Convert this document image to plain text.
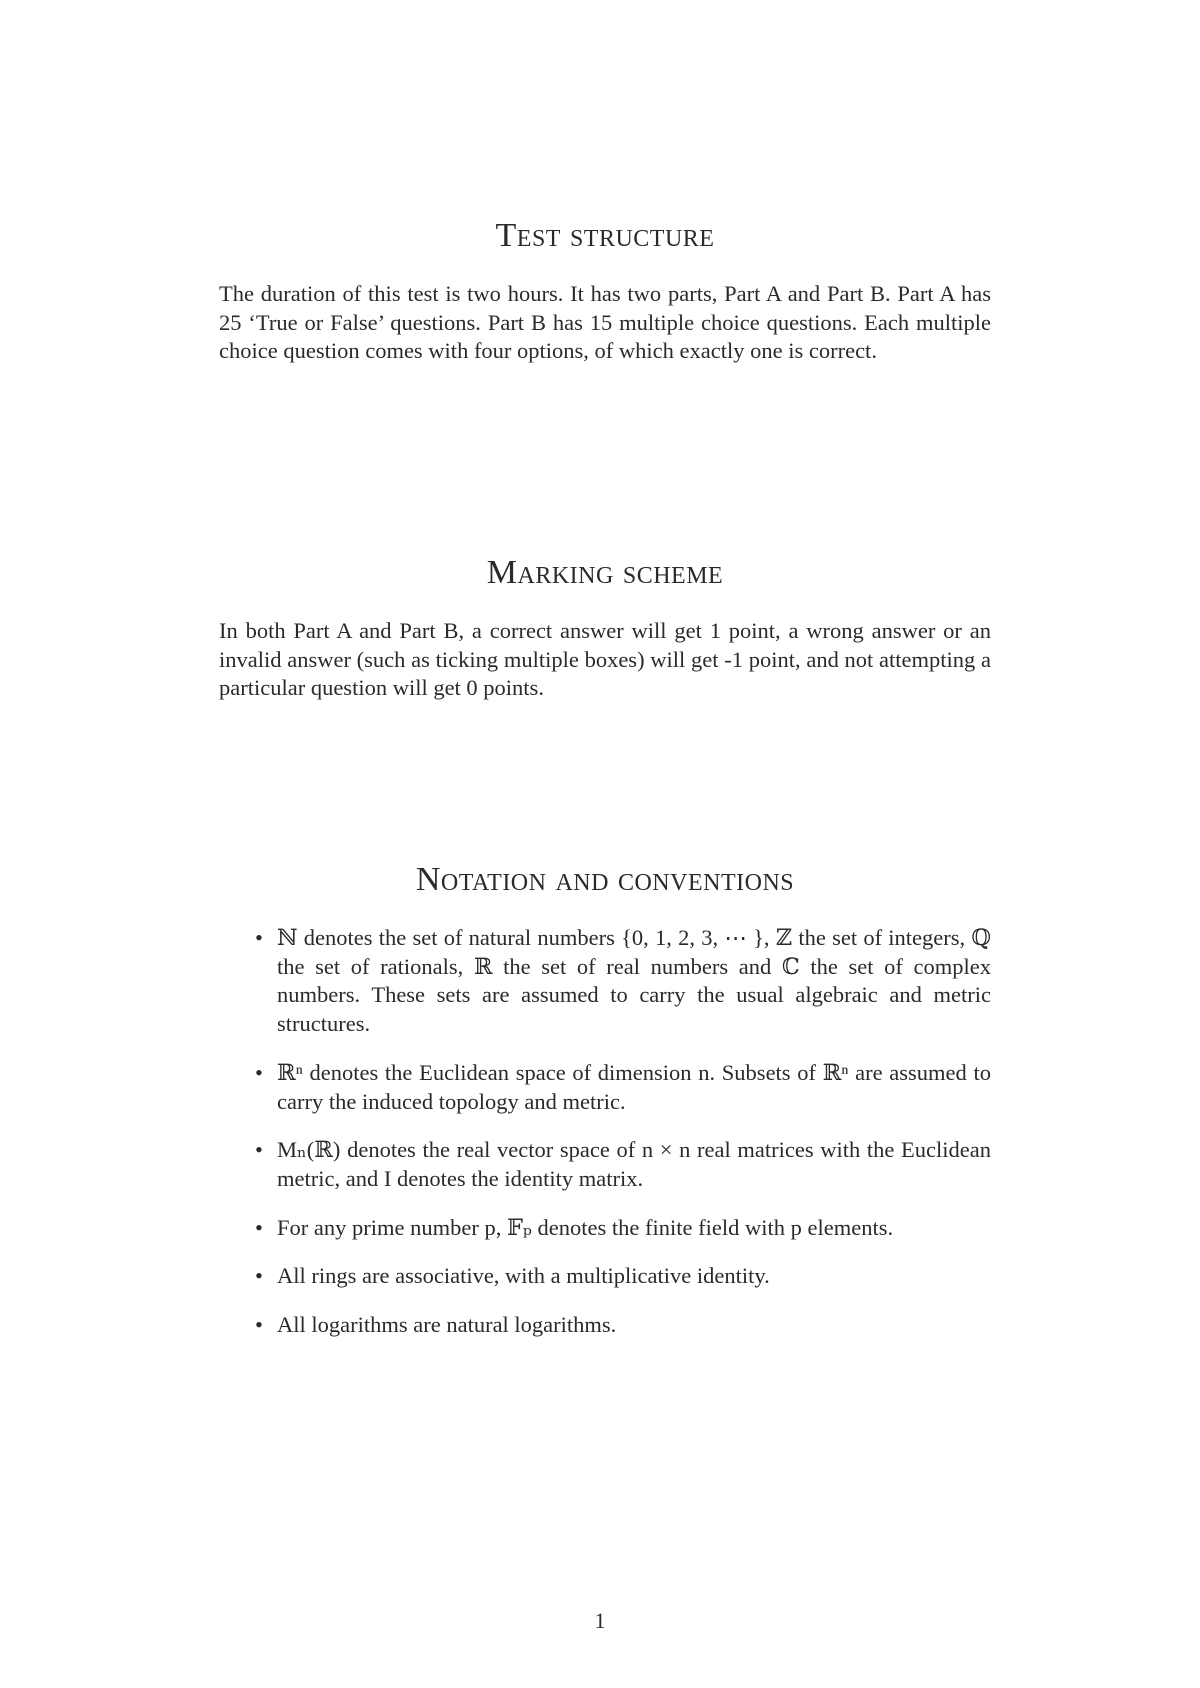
Test structure

The duration of this test is two hours. It has two parts, Part A and Part B. Part A has 25 ‘True or False’ questions. Part B has 15 multiple choice questions. Each multiple choice question comes with four options, of which exactly one is correct.

Marking scheme

In both Part A and Part B, a correct answer will get 1 point, a wrong answer or an invalid answer (such as ticking multiple boxes) will get -1 point, and not attempting a particular question will get 0 points.

Notation and conventions
• ℕ denotes the set of natural numbers {0, 1, 2, 3, ⋯ }, ℤ the set of integers, ℚ the set of rationals, ℝ the set of real numbers and ℂ the set of complex numbers. These sets are assumed to carry the usual algebraic and metric structures.
• ℝⁿ denotes the Euclidean space of dimension n. Subsets of ℝⁿ are assumed to carry the induced topology and metric.
• Mₙ(ℝ) denotes the real vector space of n × n real matrices with the Euclidean metric, and I denotes the identity matrix.
• For any prime number p, 𝔽ₚ denotes the finite field with p elements.
• All rings are associative, with a multiplicative identity.
• All logarithms are natural logarithms.
1
